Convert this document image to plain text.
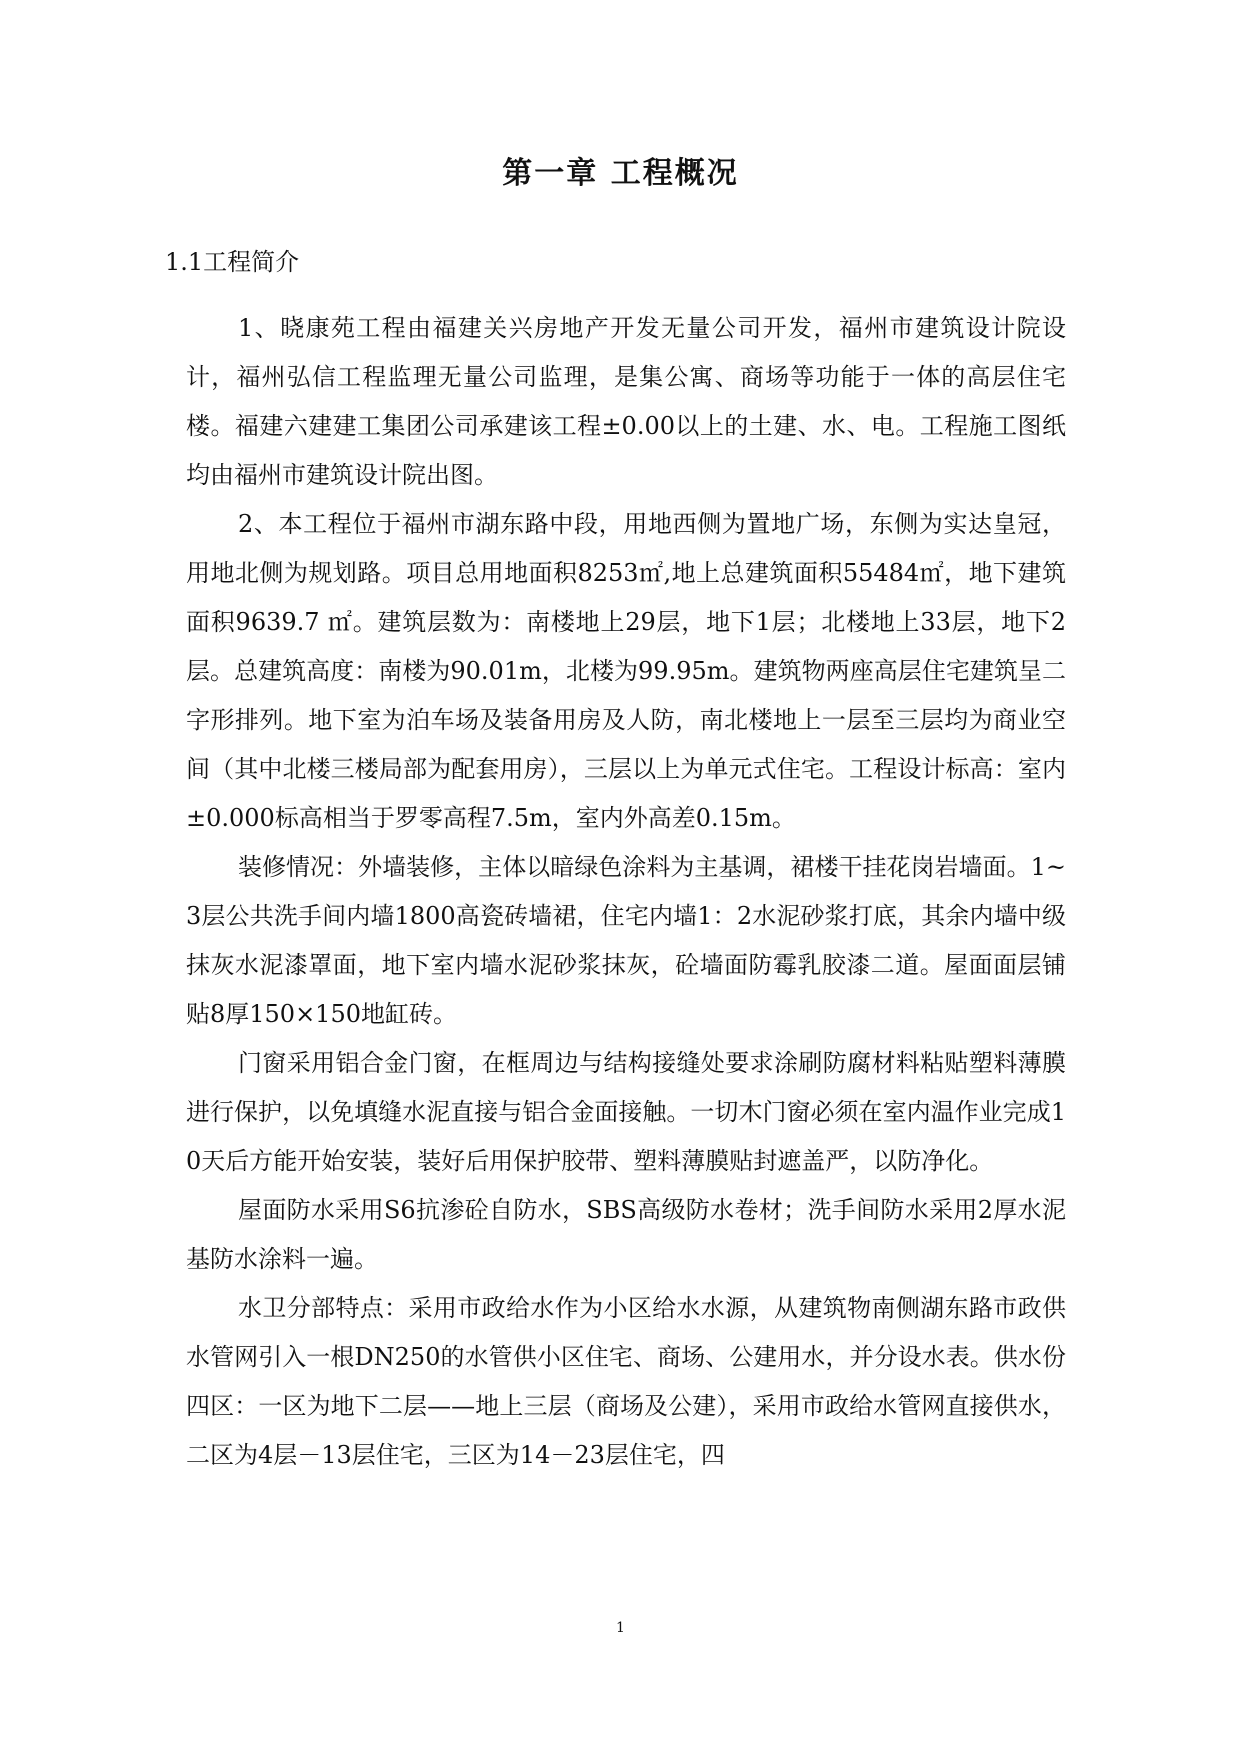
第一章 工程概况
1.1工程简介

1、晓康苑工程由福建关兴房地产开发无量公司开发，福州市建筑设计院设计，福州弘信工程监理无量公司监理，是集公寓、商场等功能于一体的高层住宅楼。福建六建建工集团公司承建该工程±0.00以上的土建、水、电。工程施工图纸均由福州市建筑设计院出图。

2、本工程位于福州市湖东路中段，用地西侧为置地广场，东侧为实达皇冠，用地北侧为规划路。项目总用地面积8253㎡,地上总建筑面积55484㎡，地下建筑面积9639.7 ㎡。建筑层数为：南楼地上29层，地下1层；北楼地上33层，地下2层。总建筑高度：南楼为90.01m，北楼为99.95m。建筑物两座高层住宅建筑呈二字形排列。地下室为泊车场及装备用房及人防，南北楼地上一层至三层均为商业空间（其中北楼三楼局部为配套用房），三层以上为单元式住宅。工程设计标高：室内±0.000标高相当于罗零高程7.5m，室内外高差0.15m。

装修情况：外墙装修，主体以暗绿色涂料为主基调，裙楼干挂花岗岩墙面。1~3层公共洗手间内墙1800高瓷砖墙裙，住宅内墙1：2水泥砂浆打底，其余内墙中级抹灰水泥漆罩面，地下室内墙水泥砂浆抹灰，砼墙面防霉乳胶漆二道。屋面面层铺贴8厚150×150地缸砖。

门窗采用铝合金门窗，在框周边与结构接缝处要求涂刷防腐材料粘贴塑料薄膜进行保护，以免填缝水泥直接与铝合金面接触。一切木门窗必须在室内温作业完成10天后方能开始安装，装好后用保护胶带、塑料薄膜贴封遮盖严，以防净化。

屋面防水采用S6抗渗砼自防水，SBS高级防水卷材；洗手间防水采用2厚水泥基防水涂料一遍。

水卫分部特点：采用市政给水作为小区给水水源，从建筑物南侧湖东路市政供水管网引入一根DN250的水管供小区住宅、商场、公建用水，并分设水表。供水份四区：一区为地下二层——地上三层（商场及公建），采用市政给水管网直接供水，二区为4层－13层住宅，三区为14－23层住宅，四

1
